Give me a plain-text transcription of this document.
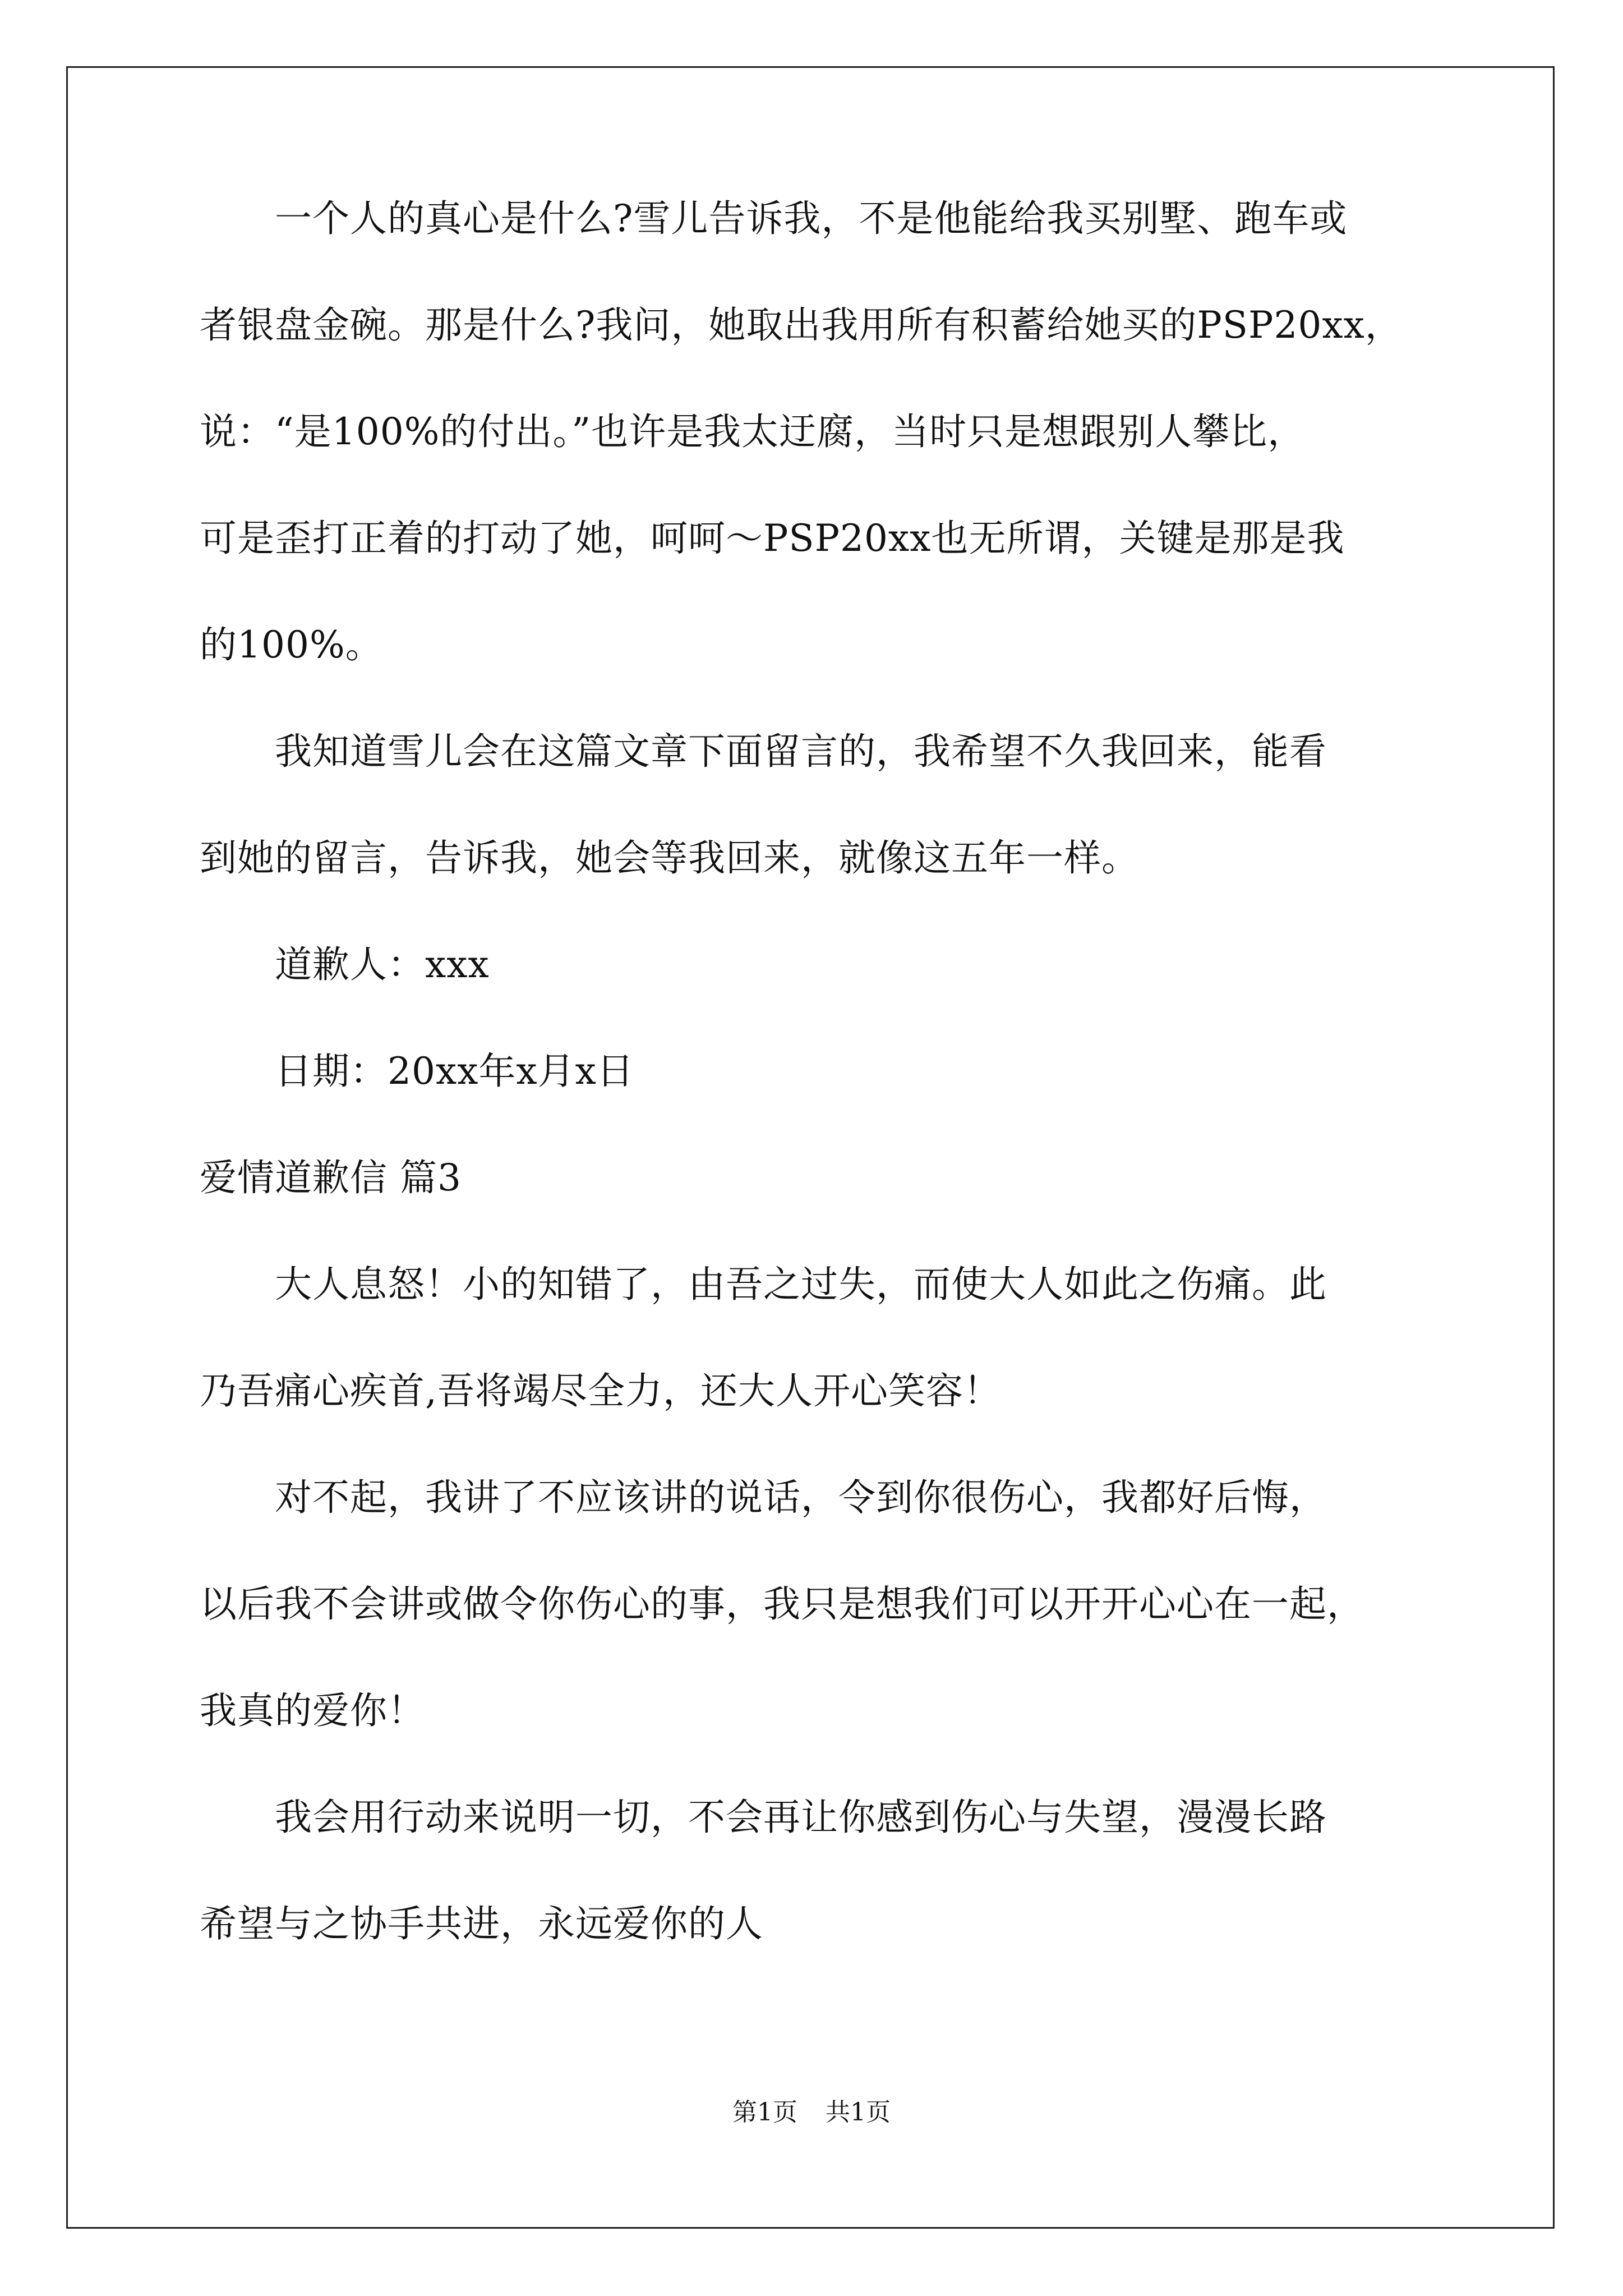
　　一个人的真心是什么?雪儿告诉我，不是他能给我买别墅、跑车或
者银盘金碗。那是什么?我问，她取出我用所有积蓄给她买的PSP20xx，
说：“是100%的付出。”也许是我太迂腐，当时只是想跟别人攀比，
可是歪打正着的打动了她，呵呵～PSP20xx也无所谓，关键是那是我
的100%。
　　我知道雪儿会在这篇文章下面留言的，我希望不久我回来，能看
到她的留言，告诉我，她会等我回来，就像这五年一样。
　　道歉人：xxx
　　日期：20xx年x月x日
爱情道歉信 篇3
　　大人息怒！小的知错了，由吾之过失，而使大人如此之伤痛。此
乃吾痛心疾首,吾将竭尽全力，还大人开心笑容！
　　对不起，我讲了不应该讲的说话，令到你很伤心，我都好后悔，
以后我不会讲或做令你伤心的事，我只是想我们可以开开心心在一起，
我真的爱你！
　　我会用行动来说明一切，不会再让你感到伤心与失望，漫漫长路
希望与之协手共进，永远爱你的人
第1页 共1页
